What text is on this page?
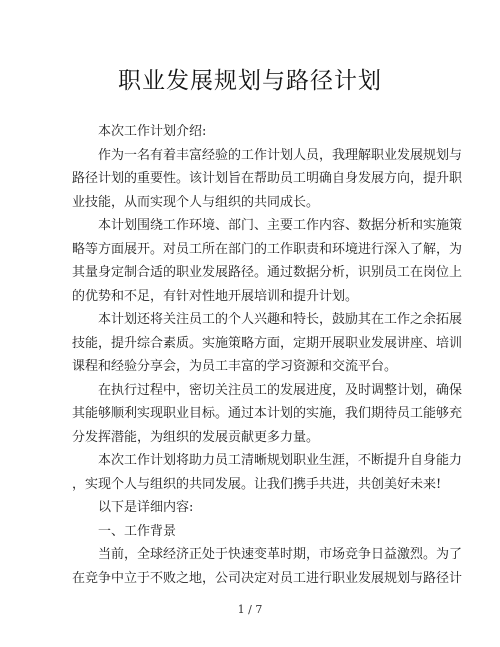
职业发展规划与路径计划
本次工作计划介绍:
作为一名有着丰富经验的工作计划人员，我理解职业发展规划与
路径计划的重要性。该计划旨在帮助员工明确自身发展方向，提升职
业技能，从而实现个人与组织的共同成长。
本计划围绕工作环境、部门、主要工作内容、数据分析和实施策
略等方面展开。对员工所在部门的工作职责和环境进行深入了解，为
其量身定制合适的职业发展路径。通过数据分析，识别员工在岗位上
的优势和不足，有针对性地开展培训和提升计划。
本计划还将关注员工的个人兴趣和特长，鼓励其在工作之余拓展
技能，提升综合素质。实施策略方面，定期开展职业发展讲座、培训
课程和经验分享会，为员工丰富的学习资源和交流平台。
在执行过程中，密切关注员工的发展进度，及时调整计划，确保
其能够顺利实现职业目标。通过本计划的实施，我们期待员工能够充
分发挥潜能，为组织的发展贡献更多力量。
本次工作计划将助力员工清晰规划职业生涯，不断提升自身能力
，实现个人与组织的共同发展。让我们携手共进，共创美好未来!
以下是详细内容:
一、工作背景
当前，全球经济正处于快速变革时期，市场竞争日益激烈。为了
在竞争中立于不败之地，公司决定对员工进行职业发展规划与路径计
1 / 7
